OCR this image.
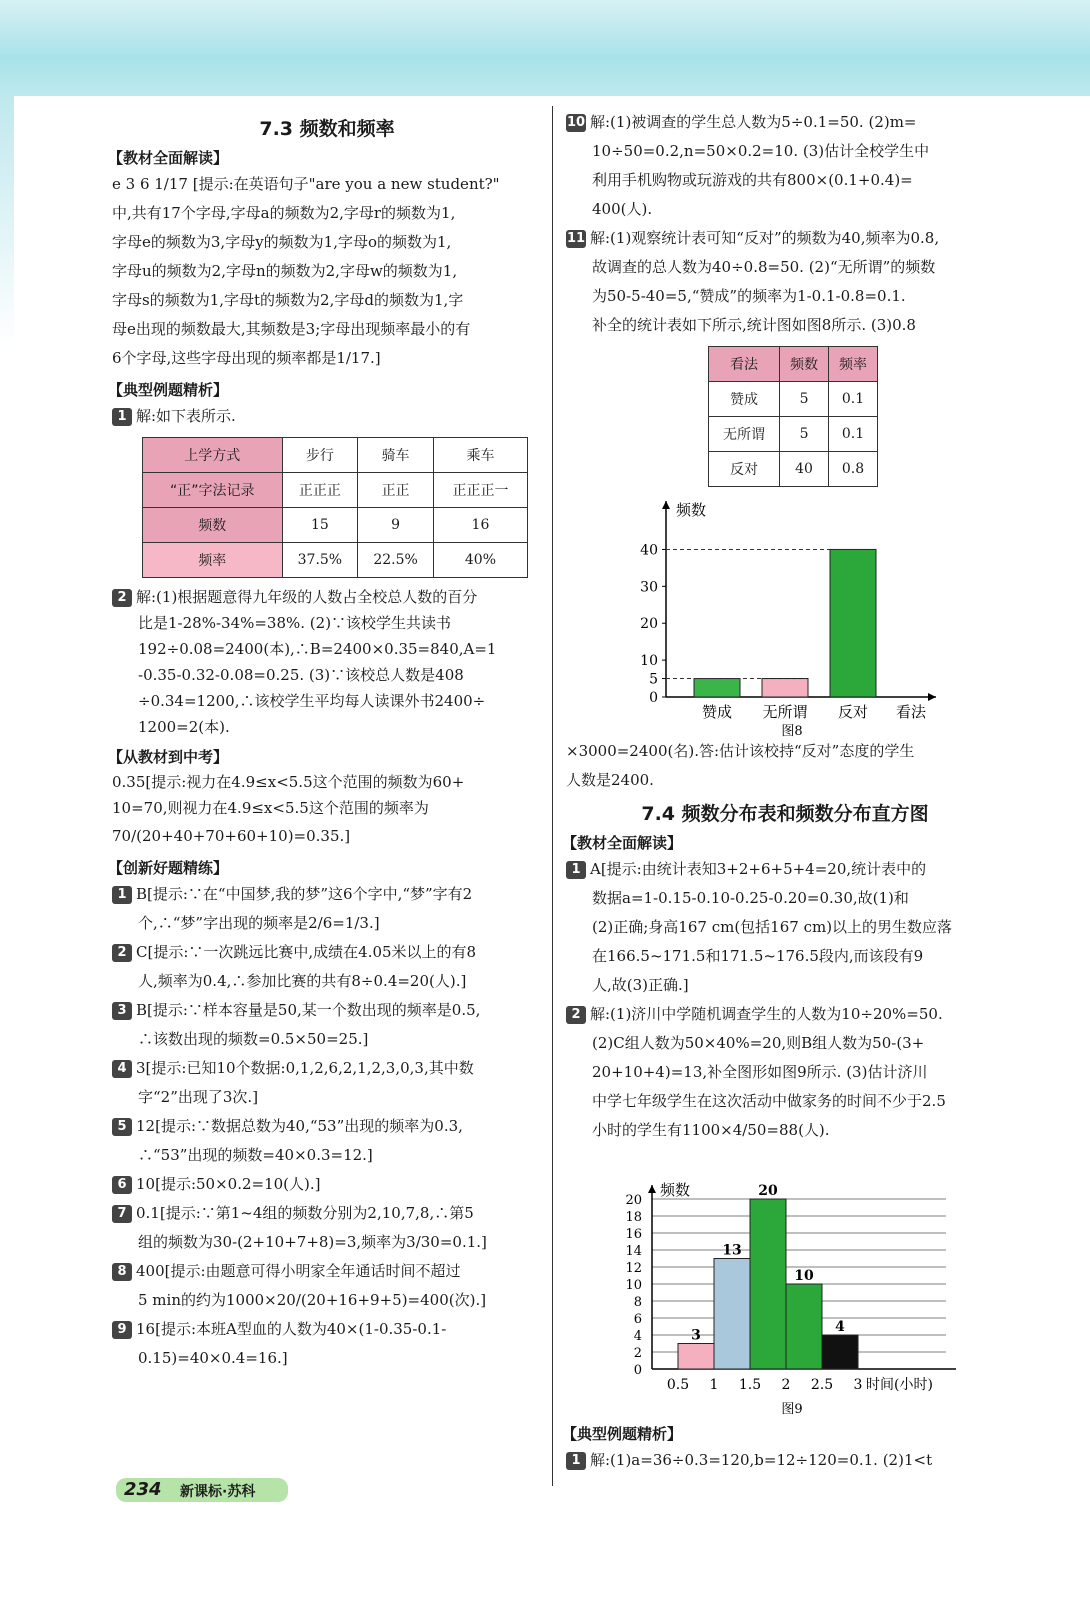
7.3 频数和频率
【教材全面解读】

e 3 6 1/17 [提示:在英语句子"are you a new student?"

中,共有17个字母,字母a的频数为2,字母r的频数为1,

字母e的频数为3,字母y的频数为1,字母o的频数为1,

字母u的频数为2,字母n的频数为2,字母w的频数为1,

字母s的频数为1,字母t的频数为2,字母d的频数为1,字

母e出现的频数最大,其频数是3;字母出现频率最小的有

6个字母,这些字母出现的频率都是1/17.]

【典型例题精析】

1 解:如下表所示.

上学方式	步行	骑车	乘车
“正”字法记录	正正正	正正	正正正一
频数	15	9	16
频率	37.5%	22.5%	40%

2 解:(1)根据题意得九年级的人数占全校总人数的百分

比是1-28%-34%=38%. (2)∵该校学生共读书

192÷0.08=2400(本),∴B=2400×0.35=840,A=1

-0.35-0.32-0.08=0.25. (3)∵该校总人数是408

÷0.34=1200,∴该校学生平均每人读课外书2400÷

1200=2(本).

【从教材到中考】

0.35[提示:视力在4.9≤x<5.5这个范围的频数为60+

10=70,则视力在4.9≤x<5.5这个范围的频率为

70/(20+40+70+60+10)=0.35.]

【创新好题精练】

1 B[提示:∵在“中国梦,我的梦”这6个字中,“梦”字有2

个,∴“梦”字出现的频率是2/6=1/3.]

2 C[提示:∵一次跳远比赛中,成绩在4.05米以上的有8

人,频率为0.4,∴参加比赛的共有8÷0.4=20(人).]

3 B[提示:∵样本容量是50,某一个数出现的频率是0.5,

∴该数出现的频数=0.5×50=25.]

4 3[提示:已知10个数据:0,1,2,6,2,1,2,3,0,3,其中数

字“2”出现了3次.]

5 12[提示:∵数据总数为40,“53”出现的频率为0.3,

∴“53”出现的频数=40×0.3=12.]

6 10[提示:50×0.2=10(人).]

7 0.1[提示:∵第1~4组的频数分别为2,10,7,8,∴第5

组的频数为30-(2+10+7+8)=3,频率为3/30=0.1.]

8 400[提示:由题意可得小明家全年通话时间不超过

5 min的约为1000×20/(20+16+9+5)=400(次).]

9 16[提示:本班A型血的人数为40×(1-0.35-0.1-

0.15)=40×0.4=16.]

10 解:(1)被调查的学生总人数为5÷0.1=50. (2)m=

10÷50=0.2,n=50×0.2=10. (3)估计全校学生中

利用手机购物或玩游戏的共有800×(0.1+0.4)=

400(人).

11 解:(1)观察统计表可知“反对”的频数为40,频率为0.8,

故调查的总人数为40÷0.8=50. (2)“无所谓”的频数

为50-5-40=5,“赞成”的频率为1-0.1-0.8=0.1.

补全的统计表如下所示,统计图如图8所示. (3)0.8

看法	频数	频率
赞成	5	0.1
无所谓	5	0.1
反对	40	0.8
频数
看法
0
5
10
20
30
40
赞成 无所谓 反对
图8

×3000=2400(名).答:估计该校持“反对”态度的学生

人数是2400.

7.4 频数分布表和频数分布直方图
【教材全面解读】

1 A[提示:由统计表知3+2+6+5+4=20,统计表中的

数据a=1-0.15-0.10-0.25-0.20=0.30,故(1)和

(2)正确;身高167 cm(包括167 cm)以上的男生数应落

在166.5~171.5和171.5~176.5段内,而该段有9

人,故(3)正确.]

2 解:(1)济川中学随机调查学生的人数为10÷20%=50.

(2)C组人数为50×40%=20,则B组人数为50-(3+

20+10+4)=13,补全图形如图9所示. (3)估计济川

中学七年级学生在这次活动中做家务的时间不少于2.5

小时的学生有1100×4/50=88(人).

0
2
4
6
8
10
12
14
16
18
20
频数
时间(小时)
3
13
20
10
4
0.5 1 1.5 2 2.5 3
图9
【典型例题精析】

1 解:(1)a=36÷0.3=120,b=12÷120=0.1. (2)1<t

234 新课标·苏科
